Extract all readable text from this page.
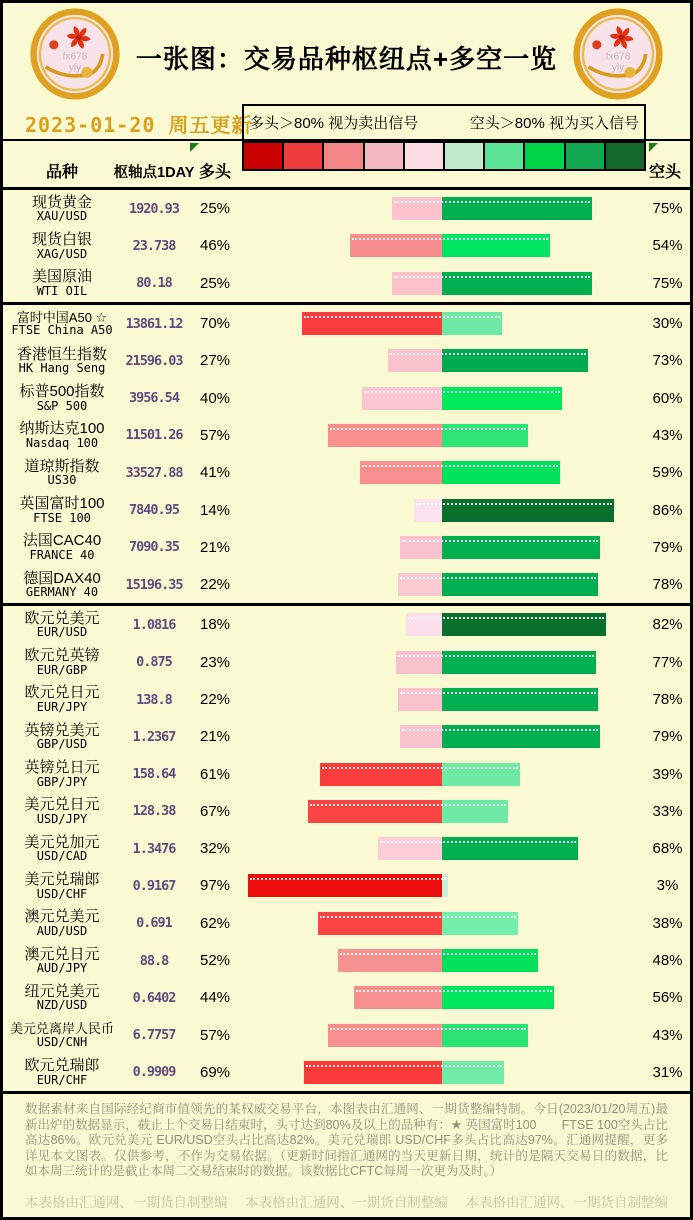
fx678
yly	一张图：交易品种枢纽点+多空一览	fx678
yly
2023-01-20 周五更新
多头＞80% 视为卖出信号	空头＞80% 视为买入信号
品种	枢轴点1DAY 多头	空头
现货黄金
XAU/USD	1920.93	25%	75%
现货白银
XAG/USD	23.738	46%	54%
美国原油
WTI OIL	80.18	25%	75%
富时中国A50 ☆
FTSE China A50 13861.12	70%	30%
香港恒生指数
HK Hang Seng	21596.03	27%	73%
标普500指数
S&P 500	3956.54	40%	60%
纳斯达克100
Nasdaq 100	11501.26	57%	43%
道琼斯指数
US30	33527.88	41%	59%
英国富时100
FTSE 100	7840.95	14%	86%
法国CAC40
FRANCE 40	7090.35	21%	79%
德国DAX40
GERMANY 40	15196.35	22%	78%
欧元兑美元
EUR/USD	1.0816	18%	82%
欧元兑英镑
EUR/GBP	0.875	23%	77%
欧元兑日元
EUR/JPY	138.8	22%	78%
英镑兑美元
GBP/USD	1.2367	21%	79%
英镑兑日元
GBP/JPY	158.64	61%	39%
美元兑日元
USD/JPY	128.38	67%	33%
美元兑加元
USD/CAD	1.3476	32%	68%
美元兑瑞郎
USD/CHF	0.9167	97%	3%
澳元兑美元
AUD/USD	0.691	62%	38%
澳元兑日元
AUD/JPY	88.8	52%	48%
纽元兑美元
NZD/USD	0.6402	44%	56%
美元兑离岸人民币
USD/CNH	6.7757	57%	43%
欧元兑瑞郎
EUR/CHF	0.9909	69%	31%
数据素材来自国际经纪商市值领先的某权威交易平台，本图表由汇通网、一期货整编特制。今日(2023/01/20周五)最新出炉的数据显示，截止上个交易日结束时，头寸达到80%及以上的品种有：★ 英国富时100　　FTSE 100空头占比高达86%。欧元兑美元 EUR/USD空头占比高达82%。美元兑瑞郎 USD/CHF多头占比高达97%。汇通网提醒，更多详见本文图表。仅供参考，不作为交易依据。（更新时间指汇通网的当天更新日期，统计的是隔天交易日的数据，比如本周三统计的是截止本周二交易结束时的数据。该数据比CFTC每周一次更为及时。）
本表格由汇通网、一期货自制整编 本表格由汇通网、一期货自制整编 本表格由汇通网、一期货自制整编
